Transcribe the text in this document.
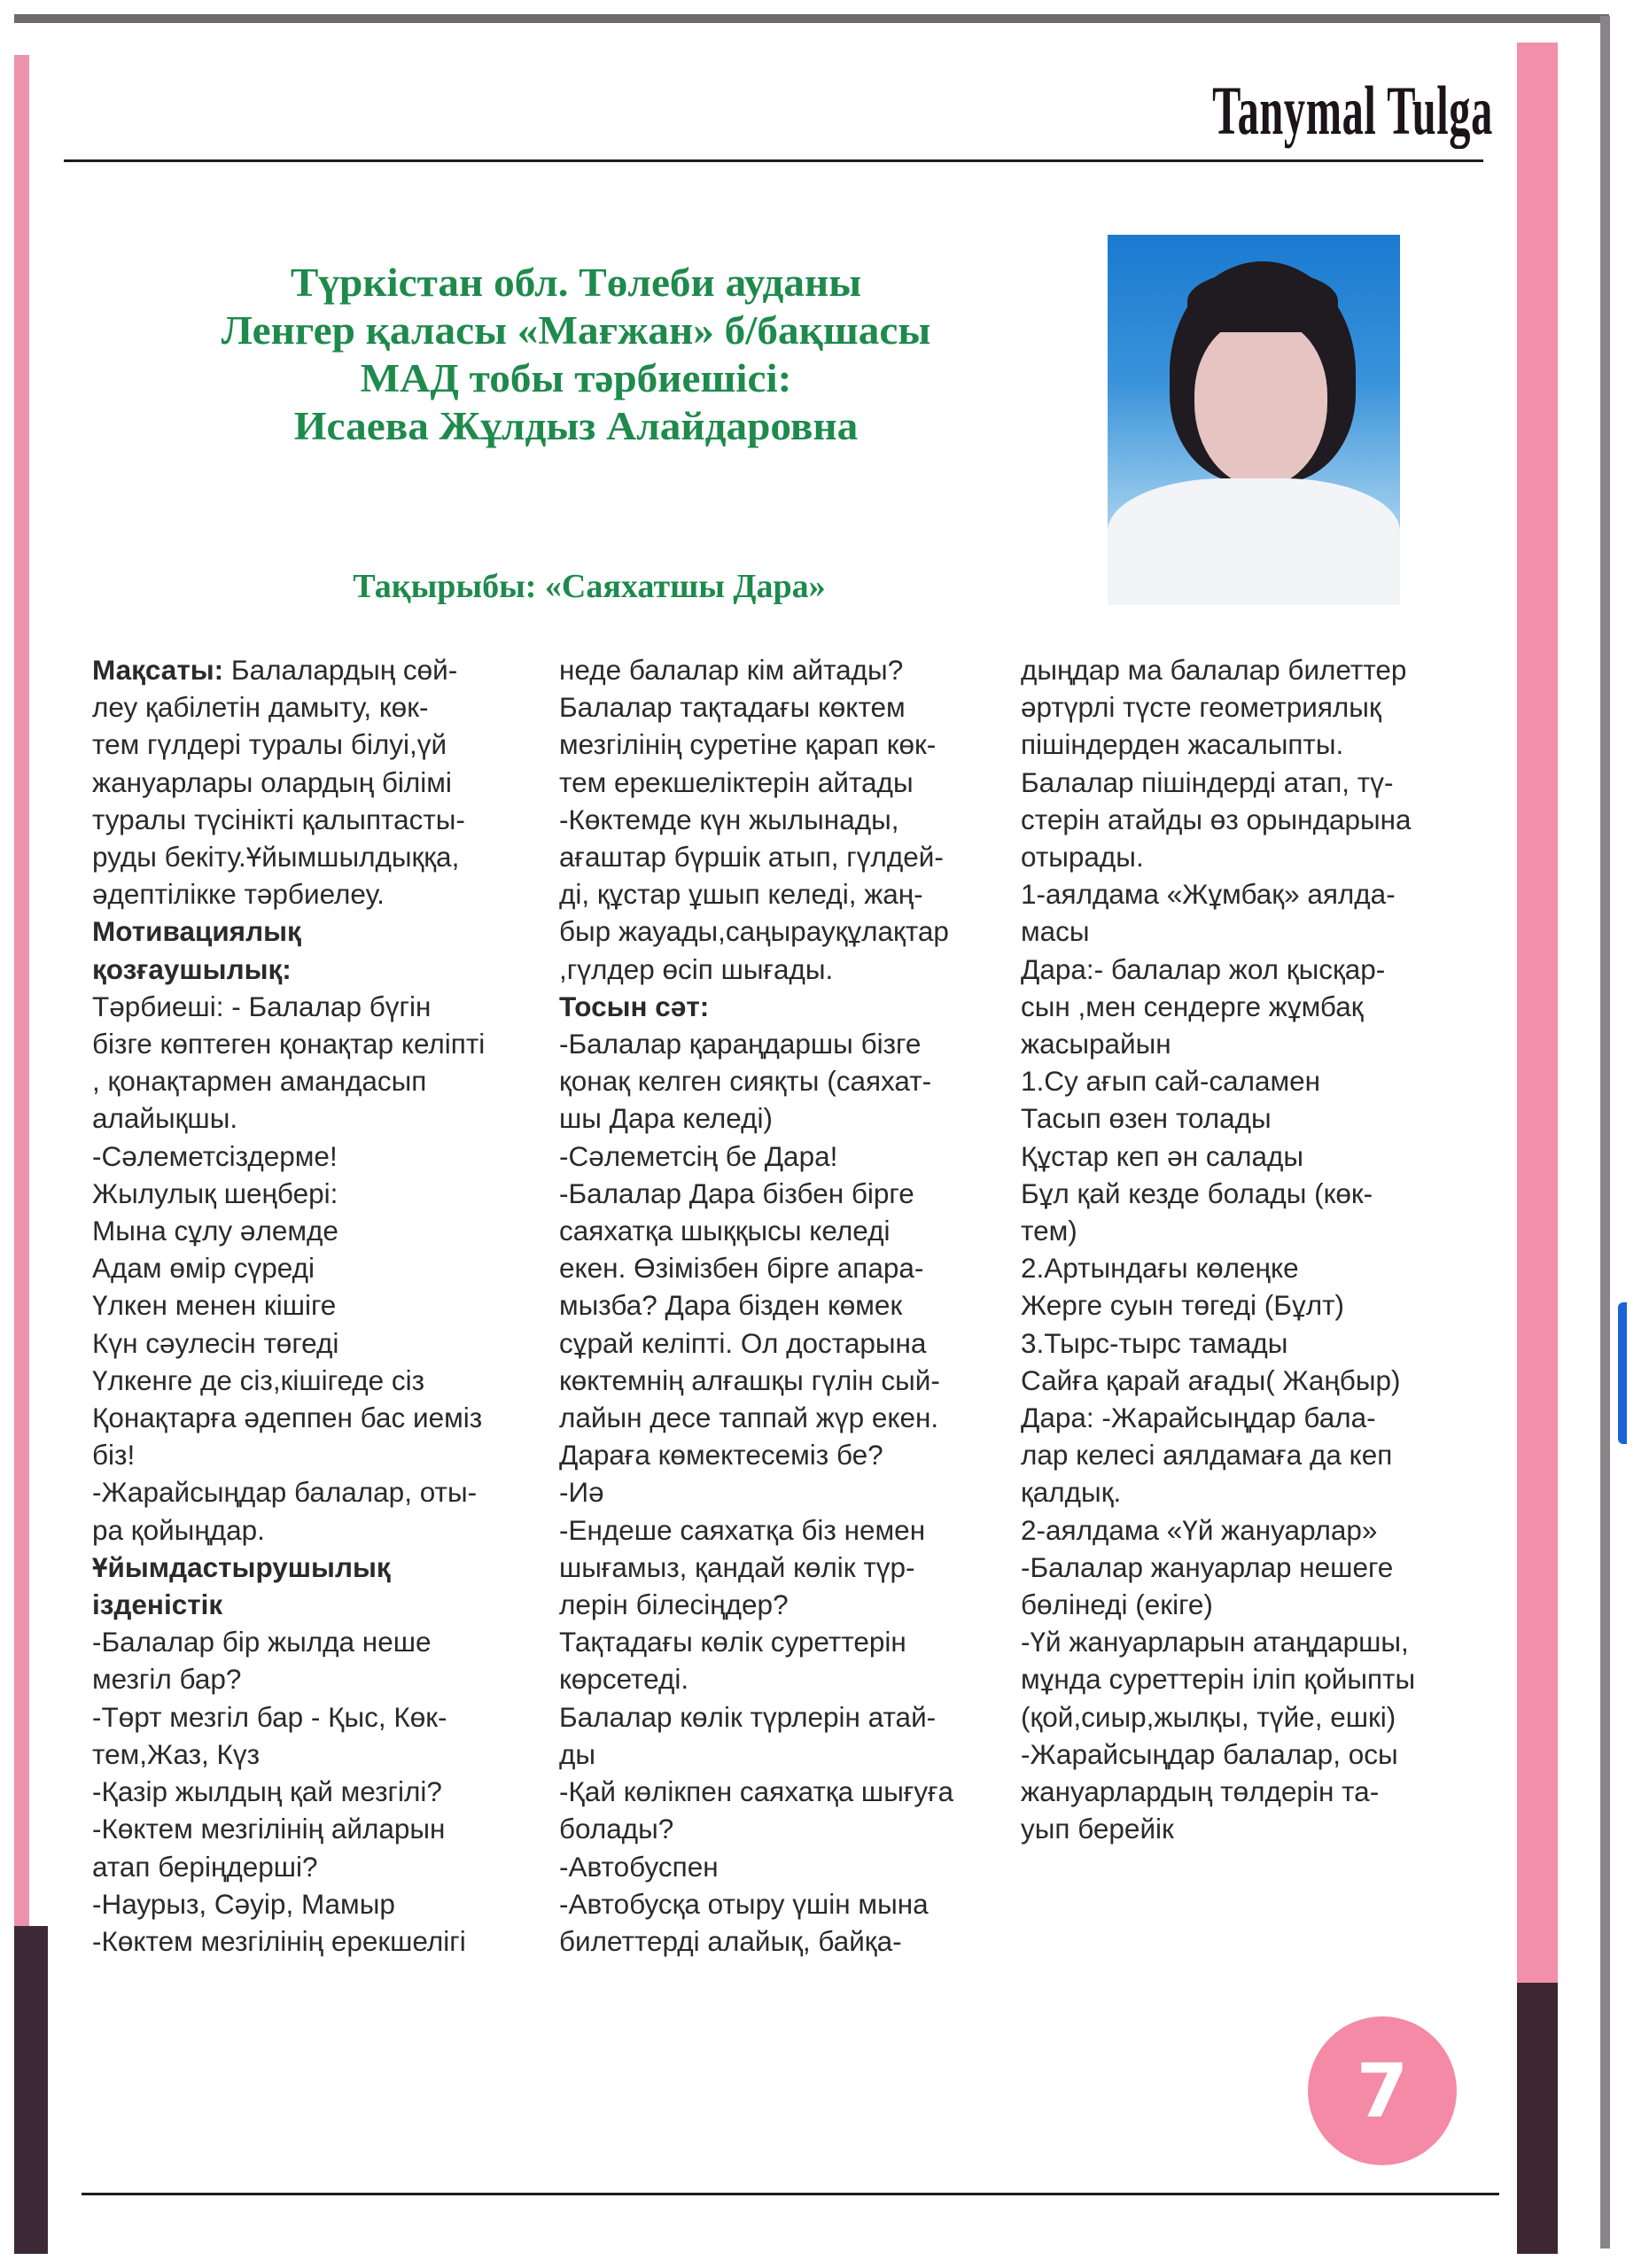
Tanymal Tulga
Түркістан обл. Төлеби ауданы
Ленгер қаласы «Мағжан» б/бақшасы
МАД тобы тәрбиешісі:
Исаева Жұлдыз Алайдаровна
Тақырыбы: «Саяхатшы Дара»
Мақсаты: Балалардың сөй-
леу қабілетін дамыту, көк-
тем гүлдері туралы білуі,үй
жануарлары олардың білімі
туралы түсінікті қалыптасты-
руды бекіту.Ұйымшылдыққа,
әдептілікке тәрбиелеу.
Мотивациялық
қозғаушылық:
Тәрбиеші: - Балалар бүгін
бізге көптеген қонақтар келіпті
, қонақтармен амандасып
алайықшы.
-Сәлеметсіздерме!
Жылулық шеңбері:
Мына сұлу әлемде
Адам өмір сүреді
Үлкен менен кішіге
Күн сәулесін төгеді
Үлкенге де сіз,кішігеде сіз
Қонақтарға әдеппен бас иеміз
біз!
-Жарайсыңдар балалар, оты-
ра қойыңдар.
Ұйымдастырушылық
ізденістік
-Балалар бір жылда неше
мезгіл бар?
-Төрт мезгіл бар - Қыс, Көк-
тем,Жаз, Күз
-Қазір жылдың қай мезгілі?
-Көктем мезгілінің айларын
атап беріңдерші?
-Наурыз, Сәуір, Мамыр
-Көктем мезгілінің ерекшелігі
неде балалар кім айтады?
Балалар тақтадағы көктем
мезгілінің суретіне қарап көк-
тем ерекшеліктерін айтады
-Көктемде күн жылынады,
ағаштар бүршік атып, гүлдей-
ді, құстар ұшып келеді, жаң-
быр жауады,саңырауқұлақтар
,гүлдер өсіп шығады.
Тосын сәт:
-Балалар қараңдаршы бізге
қонақ келген сияқты (саяхат-
шы Дара келеді)
-Сәлеметсің бе Дара!
-Балалар Дара бізбен бірге
саяхатқа шыққысы келеді
екен. Өзімізбен бірге апара-
мызба? Дара бізден көмек
сұрай келіпті. Ол достарына
көктемнің алғашқы гүлін сый-
лайын десе таппай жүр екен.
Дараға көмектесеміз бе?
-Иә
-Ендеше саяхатқа біз немен
шығамыз, қандай көлік түр-
лерін білесіңдер?
Тақтадағы көлік суреттерін
көрсетеді.
Балалар көлік түрлерін атай-
ды
-Қай көлікпен саяхатқа шығуға
болады?
-Автобуспен
-Автобусқа отыру үшін мына
билеттерді алайық, байқа-
дыңдар ма балалар билеттер
әртүрлі түсте геометриялық
пішіндерден жасалыпты.
Балалар пішіндерді атап, тү-
стерін атайды өз орындарына
отырады.
1-аялдама «Жұмбақ» аялда-
масы
Дара:- балалар жол қысқар-
сын ,мен сендерге жұмбақ
жасырайын
1.Су ағып сай-саламен
Тасып өзен толады
Құстар кеп ән салады
Бұл қай кезде болады (көк-
тем)
2.Артындағы көлеңке
Жерге суын төгеді (Бұлт)
3.Тырс-тырс тамады
Сайға қарай ағады( Жаңбыр)
Дара: -Жарайсыңдар бала-
лар келесі аялдамаға да кеп
қалдық.
2-аялдама «Үй жануарлар»
-Балалар жануарлар нешеге
бөлінеді (екіге)
-Үй жануарларын атаңдаршы,
мұнда суреттерін іліп қойыпты
(қой,сиыр,жылқы, түйе, ешкі)
-Жарайсыңдар балалар, осы
жануарлардың төлдерін та-
уып берейік
7
